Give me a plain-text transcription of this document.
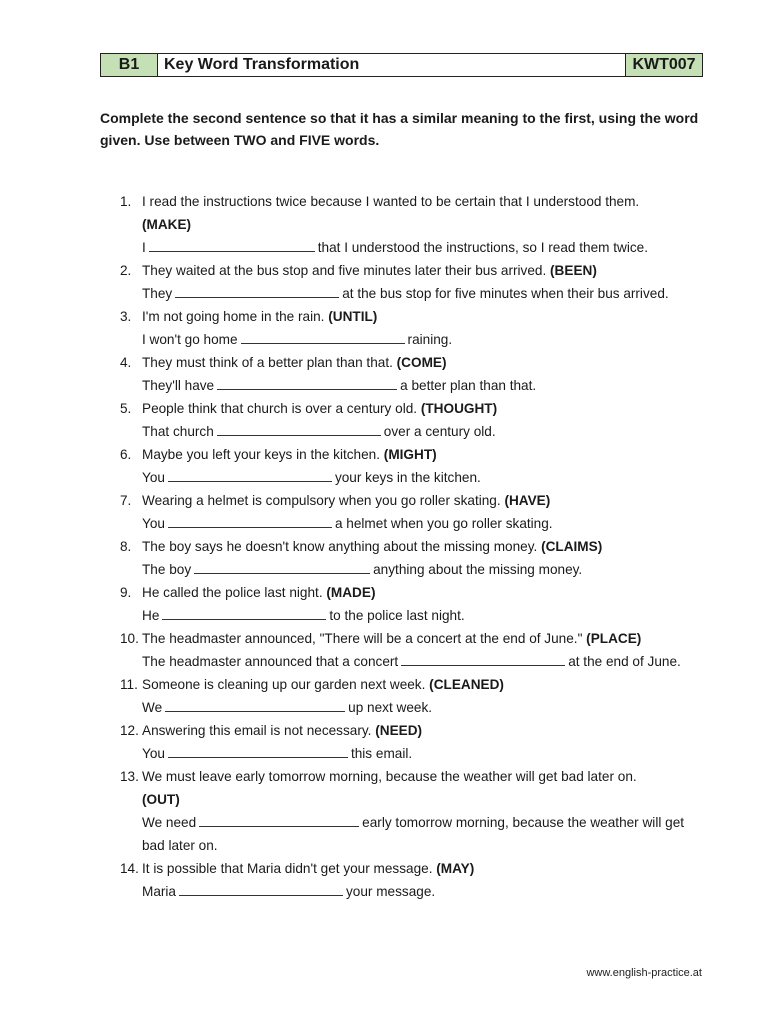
B1	Key Word Transformation	KWT007

Complete the second sentence so that it has a similar meaning to the first, using the word given. Use between TWO and FIVE words.

1. I read the instructions twice because I wanted to be certain that I understood them.
(MAKE)
I	that I understood the instructions, so I read them twice.
2. They waited at the bus stop and five minutes later their bus arrived. (BEEN)
They	at the bus stop for five minutes when their bus arrived.
3. I'm not going home in the rain. (UNTIL)
I won't go home	raining.
4. They must think of a better plan than that. (COME)
They'll have	a better plan than that.
5. People think that church is over a century old. (THOUGHT)
That church	over a century old.
6. Maybe you left your keys in the kitchen. (MIGHT)
You	your keys in the kitchen.
7. Wearing a helmet is compulsory when you go roller skating. (HAVE)
You	a helmet when you go roller skating.
8. The boy says he doesn't know anything about the missing money. (CLAIMS)
The boy	anything about the missing money.
9. He called the police last night. (MADE)
He	to the police last night.
10. The headmaster announced, "There will be a concert at the end of June." (PLACE)
The headmaster announced that a concert	at the end of June.
11. Someone is cleaning up our garden next week. (CLEANED)
We	up next week.
12. Answering this email is not necessary. (NEED)
You	this email.
13. We must leave early tomorrow morning, because the weather will get bad later on.
(OUT)
We need	early tomorrow morning, because the weather will get bad later on.
14. It is possible that Maria didn't get your message. (MAY)
Maria	your message.
www.english-practice.at
